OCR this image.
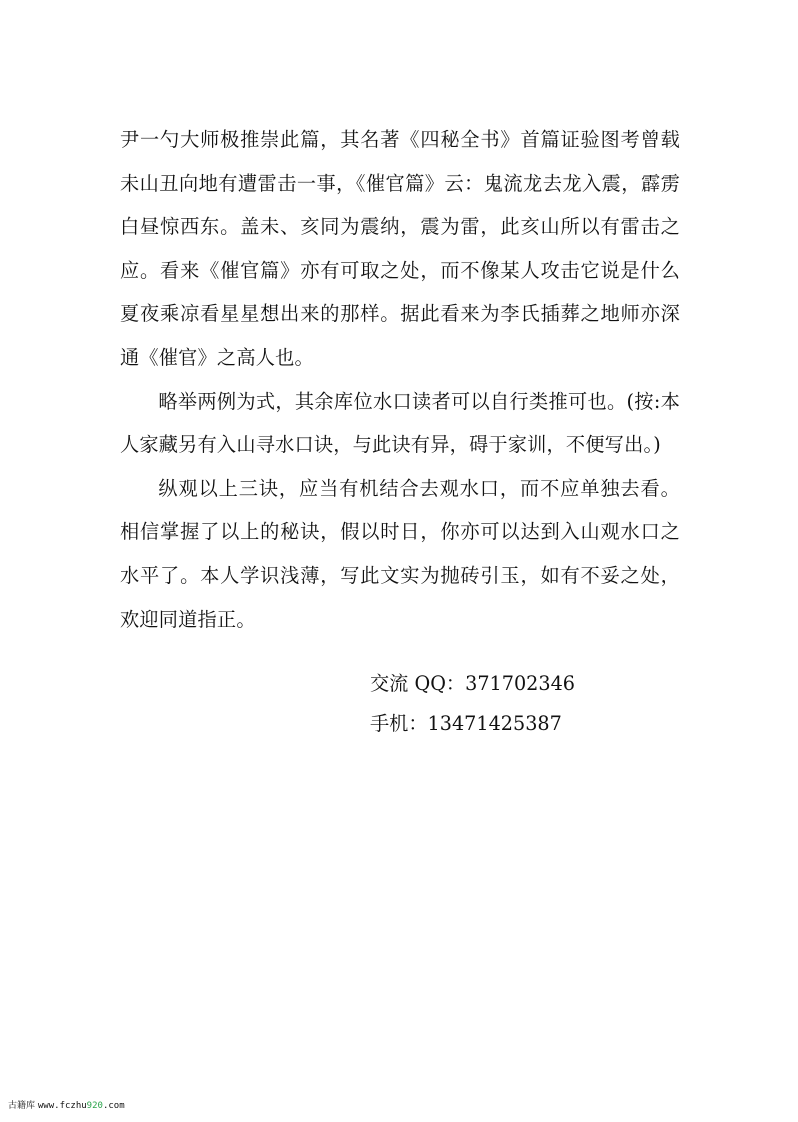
尹一勺大师极推崇此篇，其名著《四秘全书》首篇证验图考曾载未山丑向地有遭雷击一事，《催官篇》云：鬼流龙去龙入震，霹雳白昼惊西东。盖未、亥同为震纳，震为雷，此亥山所以有雷击之应。看来《催官篇》亦有可取之处，而不像某人攻击它说是什么夏夜乘凉看星星想出来的那样。据此看来为李氏插葬之地师亦深通《催官》之高人也。

略举两例为式，其余库位水口读者可以自行类推可也。(按:本人家藏另有入山寻水口诀，与此诀有异，碍于家训，不便写出。)

纵观以上三诀，应当有机结合去观水口，而不应单独去看。相信掌握了以上的秘诀，假以时日，你亦可以达到入山观水口之水平了。本人学识浅薄，写此文实为抛砖引玉，如有不妥之处，欢迎同道指正。

交流 QQ：371702346
手机：13471425387
古籍库 www.fczhu920.com
